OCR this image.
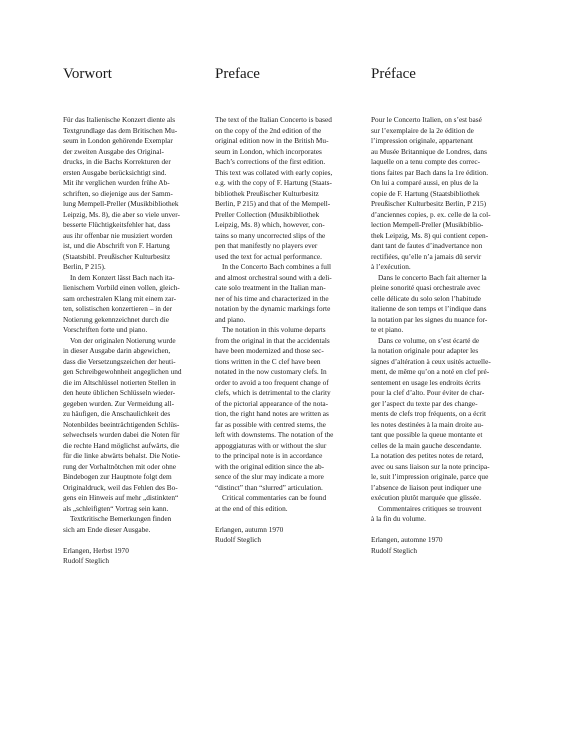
Vorwort

Für das Italienische Konzert diente als
Textgrundlage das dem Britischen Mu-
seum in London gehörende Exemplar
der zweiten Ausgabe des Original-
drucks, in die Bachs Korrekturen der
ersten Ausgabe berücksichtigt sind.
Mit ihr verglichen wurden frühe Ab-
schriften, so diejenige aus der Samm-
lung Mempell-Preller (Musikbibliothek
Leipzig, Ms. 8), die aber so viele unver-
besserte Flüchtigkeitsfehler hat, dass
aus ihr offenbar nie musiziert worden
ist, und die Abschrift von F. Hartung
(Staatsbibl. Preußischer Kulturbesitz
Berlin, P 215).

In dem Konzert lässt Bach nach ita-
lienischem Vorbild einen vollen, gleich-
sam orchestralen Klang mit einem zar-
ten, solistischen konzertieren – in der
Notierung gekennzeichnet durch die
Vorschriften forte und piano.

Von der originalen Notierung wurde
in dieser Ausgabe darin abgewichen,
dass die Versetzungszeichen der heuti-
gen Schreibgewohnheit angeglichen und
die im Altschlüssel notierten Stellen in
den heute üblichen Schlüsseln wieder-
gegeben wurden. Zur Vermeidung all-
zu häufigen, die Anschaulichkeit des
Notenbildes beeinträchtigenden Schlüs-
selwechsels wurden dabei die Noten für
die rechte Hand möglichst aufwärts, die
für die linke abwärts behalst. Die Notie-
rung der Vorhaltnötchen mit oder ohne
Bindebogen zur Hauptnote folgt dem
Originaldruck, weil das Fehlen des Bo-
gens ein Hinweis auf mehr „distinkten“
als „schleifigten“ Vortrag sein kann.

Textkritische Bemerkungen finden
sich am Ende dieser Ausgabe.

Erlangen, Herbst 1970
Rudolf Steglich
Preface

The text of the Italian Concerto is based
on the copy of the 2nd edition of the
original edition now in the British Mu-
seum in London, which incorporates
Bach’s corrections of the first edition.
This text was collated with early copies,
e.g. with the copy of F. Hartung (Staats-
bibliothek Preußischer Kulturbesitz
Berlin, P 215) and that of the Mempell-
Preller Collection (Musikbibliothek
Leipzig, Ms. 8) which, however, con-
tains so many uncorrected slips of the
pen that manifestly no players ever
used the text for actual performance.

In the Concerto Bach combines a full
and almost orchestral sound with a deli-
cate solo treatment in the Italian man-
ner of his time and characterized in the
notation by the dynamic markings forte
and piano.

The notation in this volume departs
from the original in that the accidentals
have been modernized and those sec-
tions written in the C clef have been
notated in the now customary clefs. In
order to avoid a too frequent change of
clefs, which is detrimental to the clarity
of the pictorial appearance of the nota-
tion, the right hand notes are written as
far as possible with centred stems, the
left with downstems. The notation of the
appoggiaturas with or without the slur
to the principal note is in accordance
with the original edition since the ab-
sence of the slur may indicate a more
“distinct” than “slurred” articulation.

Critical commentaries can be found
at the end of this edition.

Erlangen, autumn 1970
Rudolf Steglich
Préface

Pour le Concerto Italien, on s’est basé
sur l’exemplaire de la 2e édition de
l’impression originale, appartenant
au Musée Britannique de Londres, dans
laquelle on a tenu compte des correc-
tions faites par Bach dans la 1re édition.
On lui a comparé aussi, en plus de la
copie de F. Hartung (Staatsbibliothek
Preußischer Kulturbesitz Berlin, P 215)
d’anciennes copies, p. ex. celle de la col-
lection Mempell-Preller (Musikbiblio-
thek Leipzig, Ms. 8) qui contient cepen-
dant tant de fautes d’inadvertance non
rectifiées, qu’elle n’a jamais dû servir
à l’exécution.

Dans le concerto Bach fait alterner la
pleine sonorité quasi orchestrale avec
celle délicate du solo selon l’habitude
italienne de son temps et l’indique dans
la notation par les signes du nuance for-
te et piano.

Dans ce volume, on s’est écarté de
la notation originale pour adapter les
signes d’altération à ceux usités actuelle-
ment, de même qu’on a noté en clef pré-
sentement en usage les endroits écrits
pour la clef d’alto. Pour éviter de char-
ger l’aspect du texte par des change-
ments de clefs trop fréquents, on a écrit
les notes destinées à la main droite au-
tant que possible la queue montante et
celles de la main gauche descendante.
La notation des petites notes de retard,
avec ou sans liaison sur la note principa-
le, suit l’impression originale, parce que
l’absence de liaison peut indiquer une
exécution plutôt marquée que glissée.

Commentaires critiques se trouvent
à la fin du volume.

Erlangen, automne 1970
Rudolf Steglich
